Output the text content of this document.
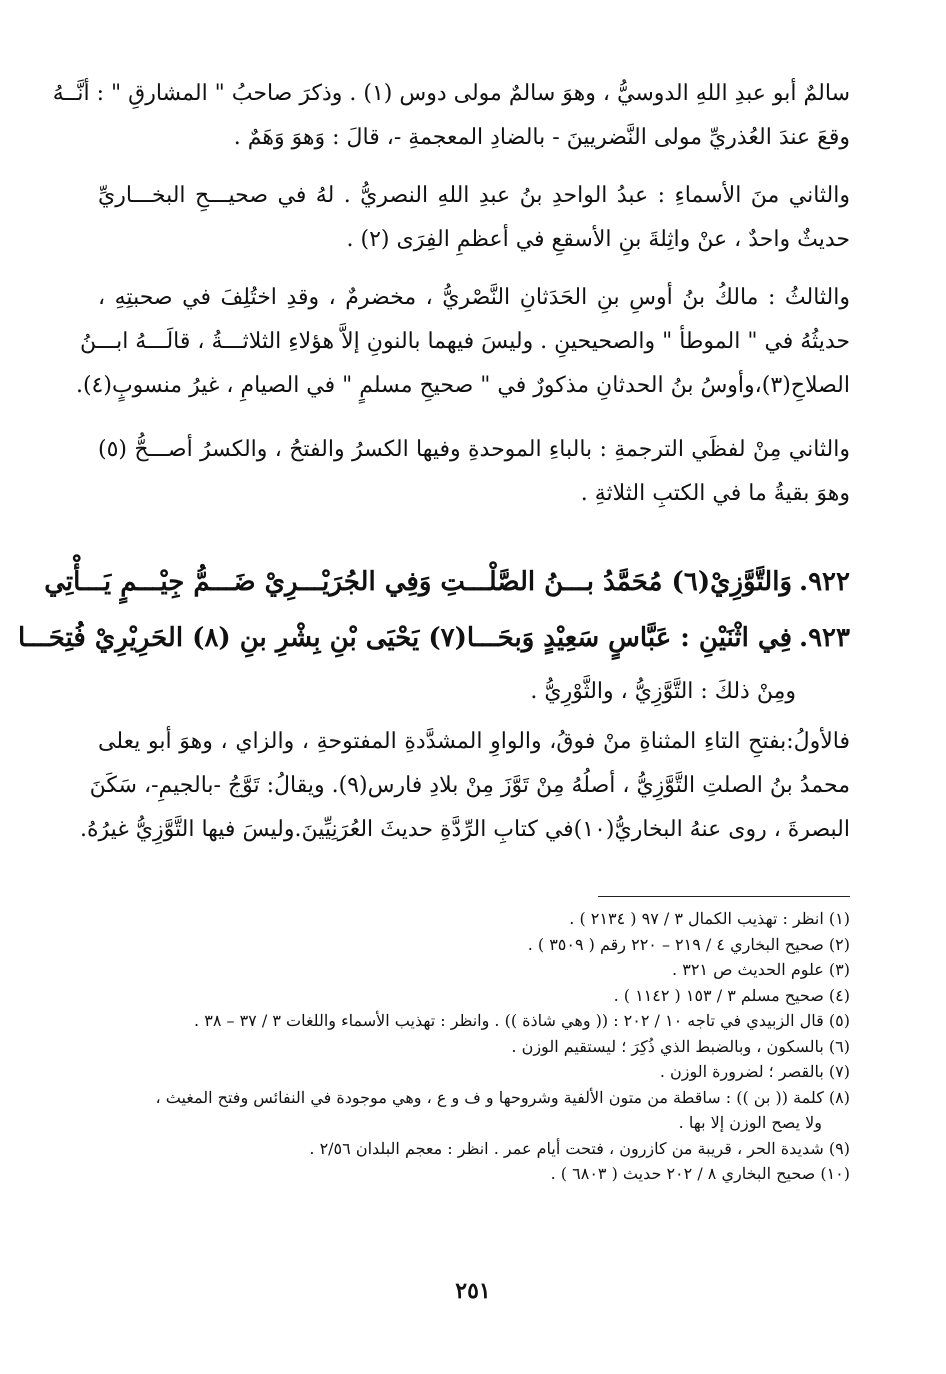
سالمٌ أبو عبدِ اللهِ الدوسيُّ ، وهوَ سالمٌ مولى دوس (١) . وذكرَ صاحبُ " المشارقِ " : أنَّــهُ
وقعَ عندَ العُذريِّ مولى النَّضريينَ - بالضادِ المعجمةِ -، قالَ : وَهوَ وَهَمٌ .
والثاني منَ الأسماءِ : عبدُ الواحدِ بنُ عبدِ اللهِ النصريُّ . لهُ في صحيـــحِ البخـــاريِّ
حديثٌ واحدٌ ، عنْ واثِلةَ بنِ الأسقعِ في أعظمِ الفِرَى (٢) .
والثالثُ : مالكُ بنُ أوسِ بنِ الحَدَثانِ النَّصْريُّ ، مخضرمٌ ، وقدِ اختُلِفَ في صحبتِهِ ،
حديثُهُ في " الموطأ " والصحيحينِ . وليسَ فيهما بالنونِ إلاَّ هؤلاءِ الثلاثـــةُ ، قالَـــهُ ابـــنُ
الصلاحِ(٣)،وأوسُ بنُ الحدثانِ مذكورٌ في " صحيحِ مسلمٍ " في الصيامِ ، غيرُ منسوبٍ(٤).
والثاني مِنْ لفظَي الترجمةِ : بالباءِ الموحدةِ وفيها الكسرُ والفتحُ ، والكسرُ أصـــحُّ (٥)
وهوَ بقيةُ ما في الكتبِ الثلاثةِ .
٩٢٢.وَالتَّوَّزِيْ(٦) مُحَمَّدُ بـــنُ الصَّلْـــتِ وَفِي الجُرَيْـــرِيْ ضَـــمُّ جِيْـــمٍ يَـــأْتِي
٩٢٣.فِي اثْنَيْنِ : عَبَّاسٍ سَعِيْدٍ وَبحَـــا(٧) يَحْيَى بْنِ بِشْرِ بنِ (٨) الحَرِيْرِيْ فُتِحَـــا
ومِنْ ذلكَ : التَّوَّزِيُّ ، والثَّوْرِيُّ .
فالأولُ:بفتحِ التاءِ المثناةِ منْ فوقُ، والواوِ المشدَّدةِ المفتوحةِ ، والزاي ، وهوَ أبو يعلى
محمدُ بنُ الصلتِ التَّوَّزِيُّ ، أصلُهُ مِنْ تَوَّزَ مِنْ بلادِ فارس(٩). ويقالُ: تَوَّجُ -بالجيمِ-، سَكَنَ
البصرةَ ، روى عنهُ البخاريُّ(١٠)في كتابِ الرِّدَّةِ حديثَ العُرَنِيِّينَ.وليسَ فيها التَّوَّزِيُّ غيرُهُ.
(١) انظر : تهذيب الكمال ٣ / ٩٧ ( ٢١٣٤ ) .
(٢) صحيح البخاري ٤ / ٢١٩ – ٢٢٠ رقم ( ٣٥٠٩ ) .
(٣) علوم الحديث ص ٣٢١ .
(٤) صحيح مسلم ٣ / ١٥٣ ( ١١٤٢ ) .
(٥) قال الزبيدي في تاجه ١٠ / ٢٠٢ : (( وهي شاذة )) . وانظر : تهذيب الأسماء واللغات ٣ / ٣٧ – ٣٨ .
(٦) بالسكون ، وبالضبط الذي ذُكِرَ ؛ ليستقيم الوزن .
(٧) بالقصر ؛ لضرورة الوزن .
(٨) كلمة (( بن )) : ساقطة من متون الألفية وشروحها و ف و ع ، وهي موجودة في النفائس وفتح المغيث ،
ولا يصح الوزن إلا بها .
(٩) شديدة الحر ، قريبة من كازرون ، فتحت أيام عمر . انظر : معجم البلدان ٢/٥٦ .
(١٠) صحيح البخاري ٨ / ٢٠٢ حديث ( ٦٨٠٣ ) .
٢٥١
